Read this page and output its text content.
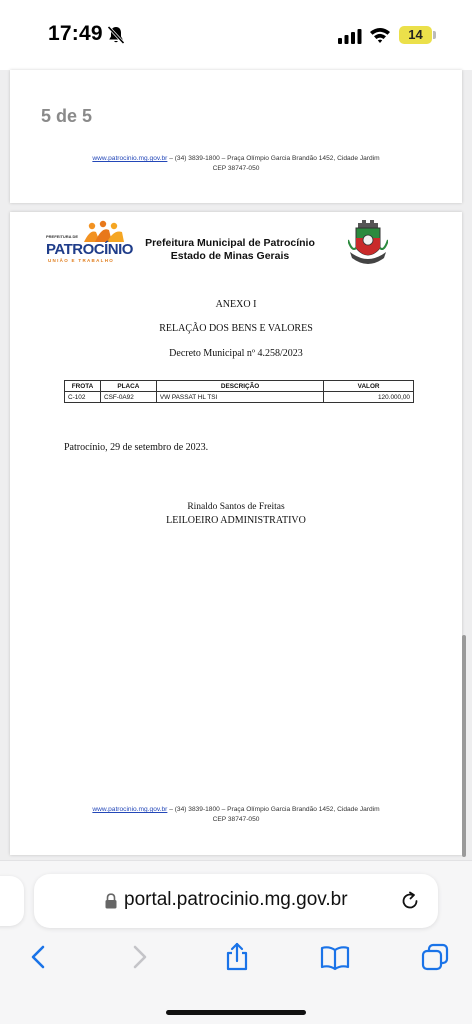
17:49	14
5 de 5
www.patrocinio.mg.gov.br – (34) 3839-1800 – Praça Olímpio Garcia Brandão 1452, Cidade Jardim
CEP 38747-050
PREFEITURA DE
PATROCÍNIO
UNIÃO E TRABALHO
Prefeitura Municipal de Patrocínio
Estado de Minas Gerais
ANEXO I
RELAÇÃO DOS BENS E VALORES
Decreto Municipal nº 4.258/2023
FROTA	PLACA	DESCRIÇÃO	VALOR
C-102	CSF-0A92	VW PASSAT HL TSI	120.000,00
Patrocínio, 29 de setembro de 2023.
Rinaldo Santos de Freitas
LEILOEIRO ADMINISTRATIVO
www.patrocinio.mg.gov.br – (34) 3839-1800 – Praça Olímpio Garcia Brandão 1452, Cidade Jardim
CEP 38747-050
portal.patrocinio.mg.gov.br
